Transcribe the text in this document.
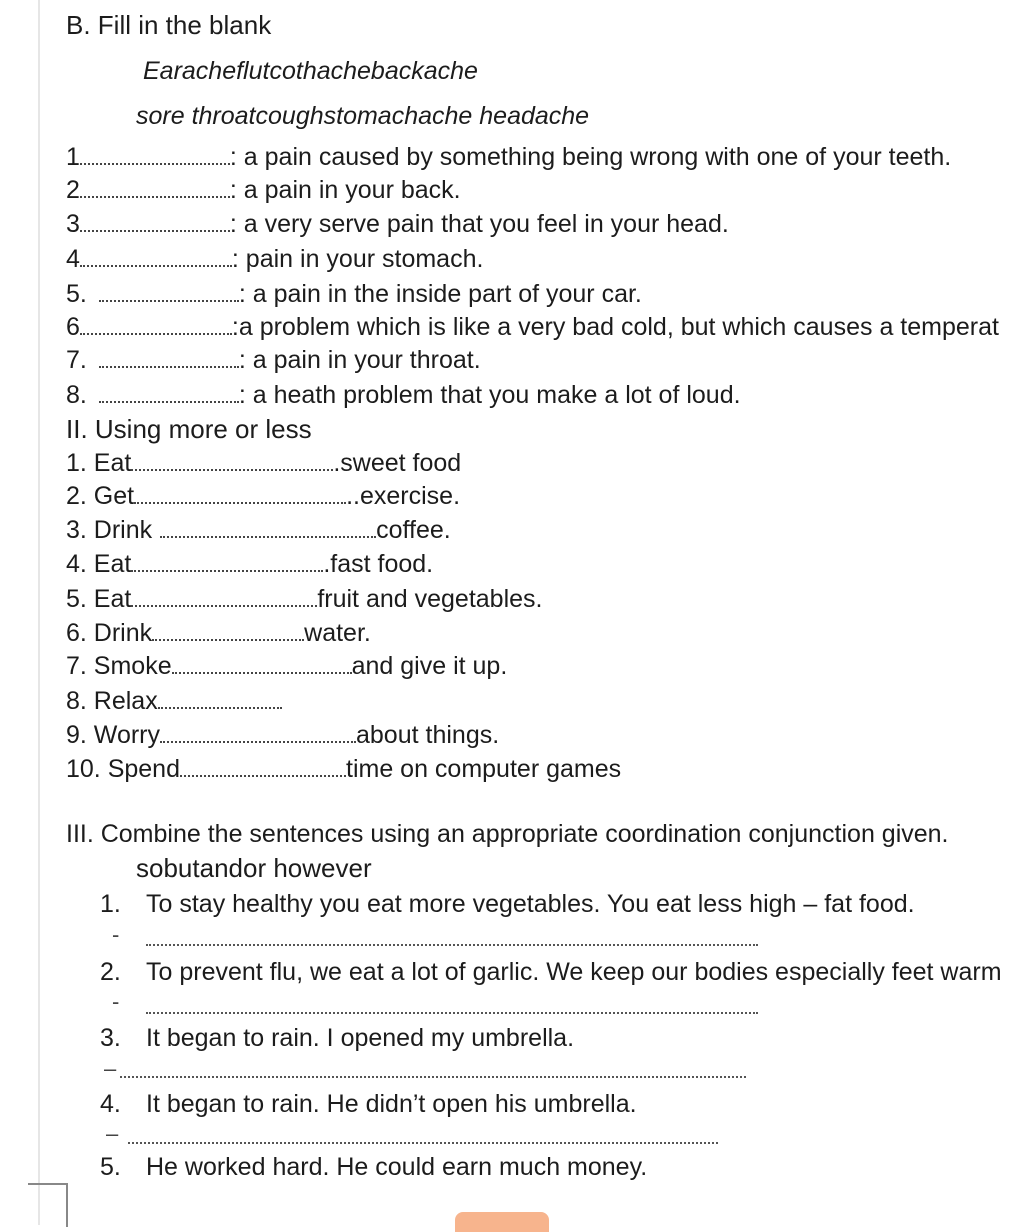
B. Fill in the blank
Earacheflutcothachebackache
sore throatcoughstomachache headache
1	: a pain caused by something being wrong with one of your teeth.
2	: a pain in your back.
3	: a very serve pain that you feel in your head.
4	: pain in your stomach.
5.	: a pain in the inside part of your car.
6	:a problem which is like a very bad cold, but which causes a temperat
7.	: a pain in your throat.
8.	: a heath problem that you make a lot of loud.
II. Using more or less
1. Eat	.sweet food
2. Get	..exercise.
3. Drink	coffee.
4. Eat	.fast food.
5. Eat	fruit and vegetables.
6. Drink	water.
7. Smoke	and give it up.
8. Relax
9. Worry	about things.
10. Spend	time on computer games
III. Combine the sentences using an appropriate coordination conjunction given.
sobutandor however
1. To stay healthy you eat more vegetables. You eat less high – fat food.
-
2. To prevent flu, we eat a lot of garlic. We keep our bodies especially feet warm
-
3. It began to rain. I opened my umbrella.
–
4. It began to rain. He didn’t open his umbrella.
–
5. He worked hard. He could earn much money.
